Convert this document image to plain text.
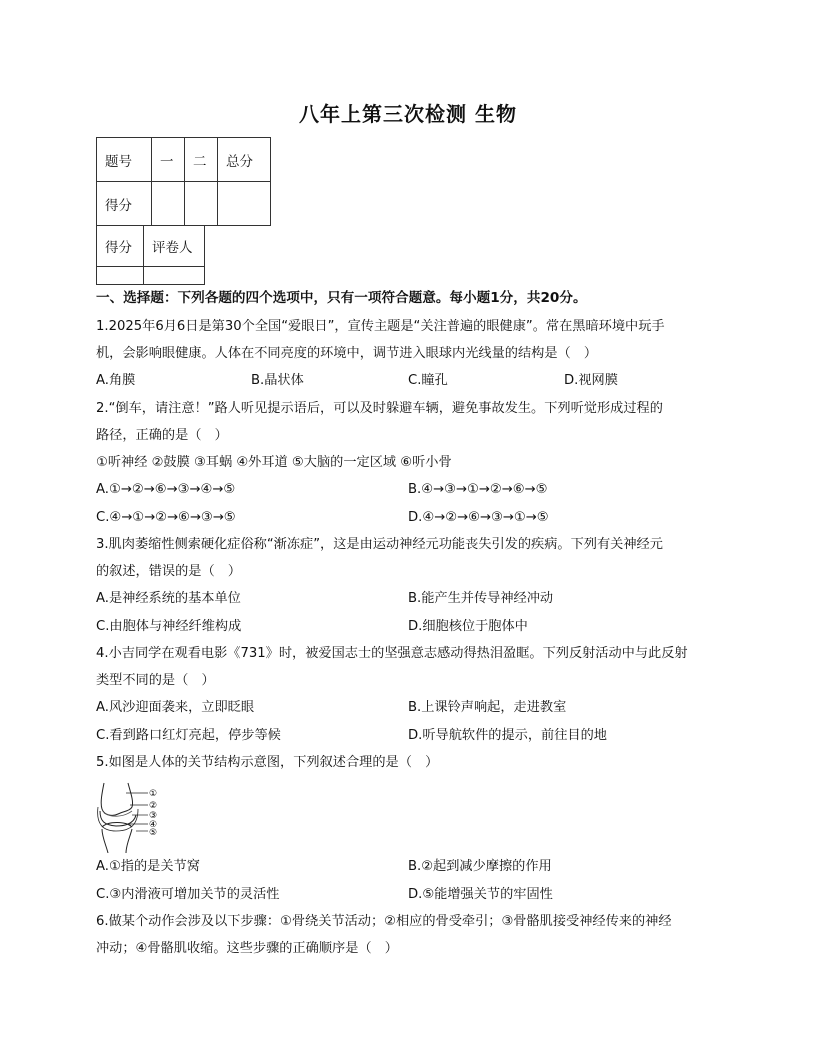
八年上第三次检测 生物
题号	一	二	总分
得分			
得分	评卷人

一、选择题：下列各题的四个选项中，只有一项符合题意。每小题1分，共20分。
1.2025年6月6日是第30个全国“爱眼日”，宣传主题是“关注普遍的眼健康”。常在黑暗环境中玩手
机，会影响眼健康。人体在不同亮度的环境中，调节进入眼球内光线量的结构是（　）
A.角膜	B.晶状体	C.瞳孔	D.视网膜
2.“倒车，请注意！”路人听见提示语后，可以及时躲避车辆，避免事故发生。下列听觉形成过程的
路径，正确的是（　）
①听神经 ②鼓膜 ③耳蜗 ④外耳道 ⑤大脑的一定区域 ⑥听小骨
A.①→②→⑥→③→④→⑤	B.④→③→①→②→⑥→⑤
C.④→①→②→⑥→③→⑤	D.④→②→⑥→③→①→⑤
3.肌肉萎缩性侧索硬化症俗称“渐冻症”，这是由运动神经元功能丧失引发的疾病。下列有关神经元
的叙述，错误的是（　）
A.是神经系统的基本单位	B.能产生并传导神经冲动
C.由胞体与神经纤维构成	D.细胞核位于胞体中
4.小吉同学在观看电影《731》时，被爱国志士的坚强意志感动得热泪盈眶。下列反射活动中与此反射
类型不同的是（　）
A.风沙迎面袭来，立即眨眼	B.上课铃声响起，走进教室
C.看到路口红灯亮起，停步等候	D.听导航软件的提示，前往目的地
5.如图是人体的关节结构示意图，下列叙述合理的是（　）
①
②
③
④
⑤
A.①指的是关节窝	B.②起到减少摩擦的作用
C.③内滑液可增加关节的灵活性	D.⑤能增强关节的牢固性
6.做某个动作会涉及以下步骤：①骨绕关节活动；②相应的骨受牵引；③骨骼肌接受神经传来的神经
冲动；④骨骼肌收缩。这些步骤的正确顺序是（　）
